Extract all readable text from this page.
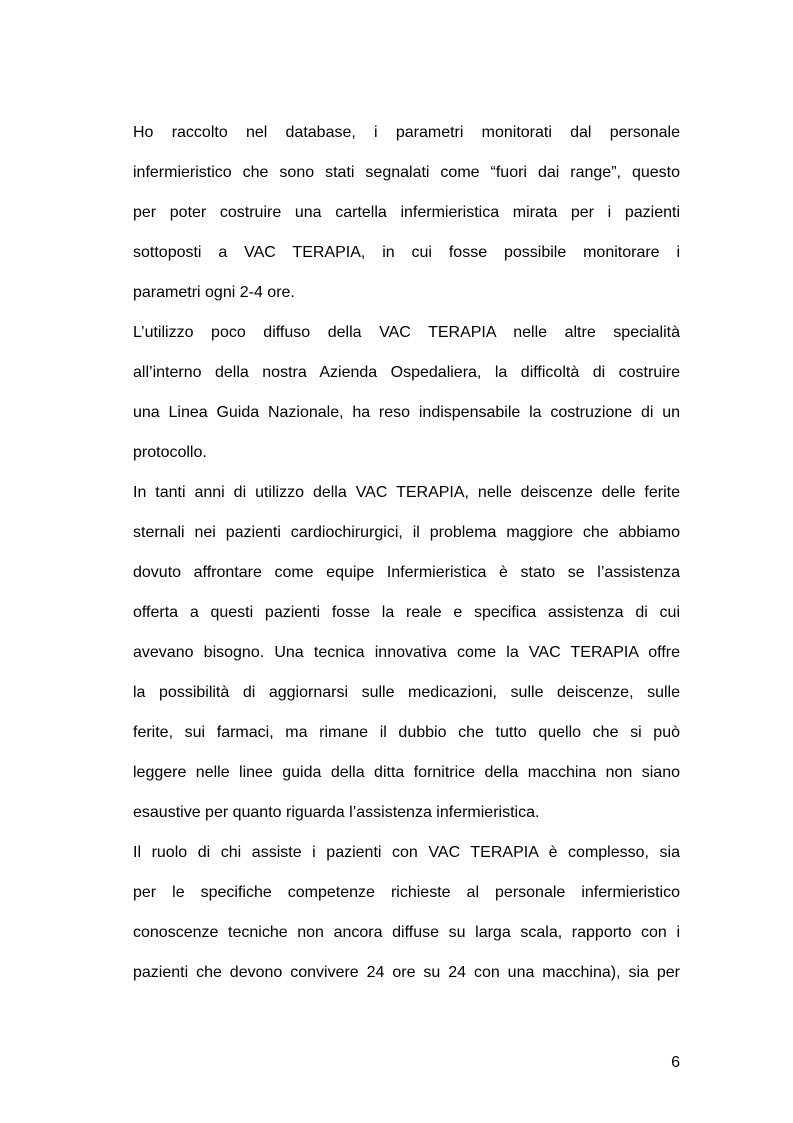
Ho raccolto nel database, i parametri monitorati dal personale
infermieristico che sono stati segnalati come “fuori dai range”, questo
per poter costruire una cartella infermieristica mirata per i pazienti
sottoposti a VAC TERAPIA, in cui fosse possibile monitorare i
parametri ogni 2-4 ore.
L’utilizzo poco diffuso della VAC TERAPIA nelle altre specialità
all’interno della nostra Azienda Ospedaliera, la difficoltà di costruire
una Linea Guida Nazionale, ha reso indispensabile la costruzione di un
protocollo.
In tanti anni di utilizzo della VAC TERAPIA, nelle deiscenze delle ferite
sternali nei pazienti cardiochirurgici, il problema maggiore che abbiamo
dovuto affrontare come equipe Infermieristica è stato se l’assistenza
offerta a questi pazienti fosse la reale e specifica assistenza di cui
avevano bisogno. Una tecnica innovativa come la VAC TERAPIA offre
la possibilità di aggiornarsi sulle medicazioni, sulle deiscenze, sulle
ferite, sui farmaci, ma rimane il dubbio che tutto quello che si può
leggere nelle linee guida della ditta fornitrice della macchina non siano
esaustive per quanto riguarda l’assistenza infermieristica.
Il ruolo di chi assiste i pazienti con VAC TERAPIA è complesso, sia
per le specifiche competenze richieste al personale infermieristico
conoscenze tecniche non ancora diffuse su larga scala, rapporto con i
pazienti che devono convivere 24 ore su 24 con una macchina), sia per
6
